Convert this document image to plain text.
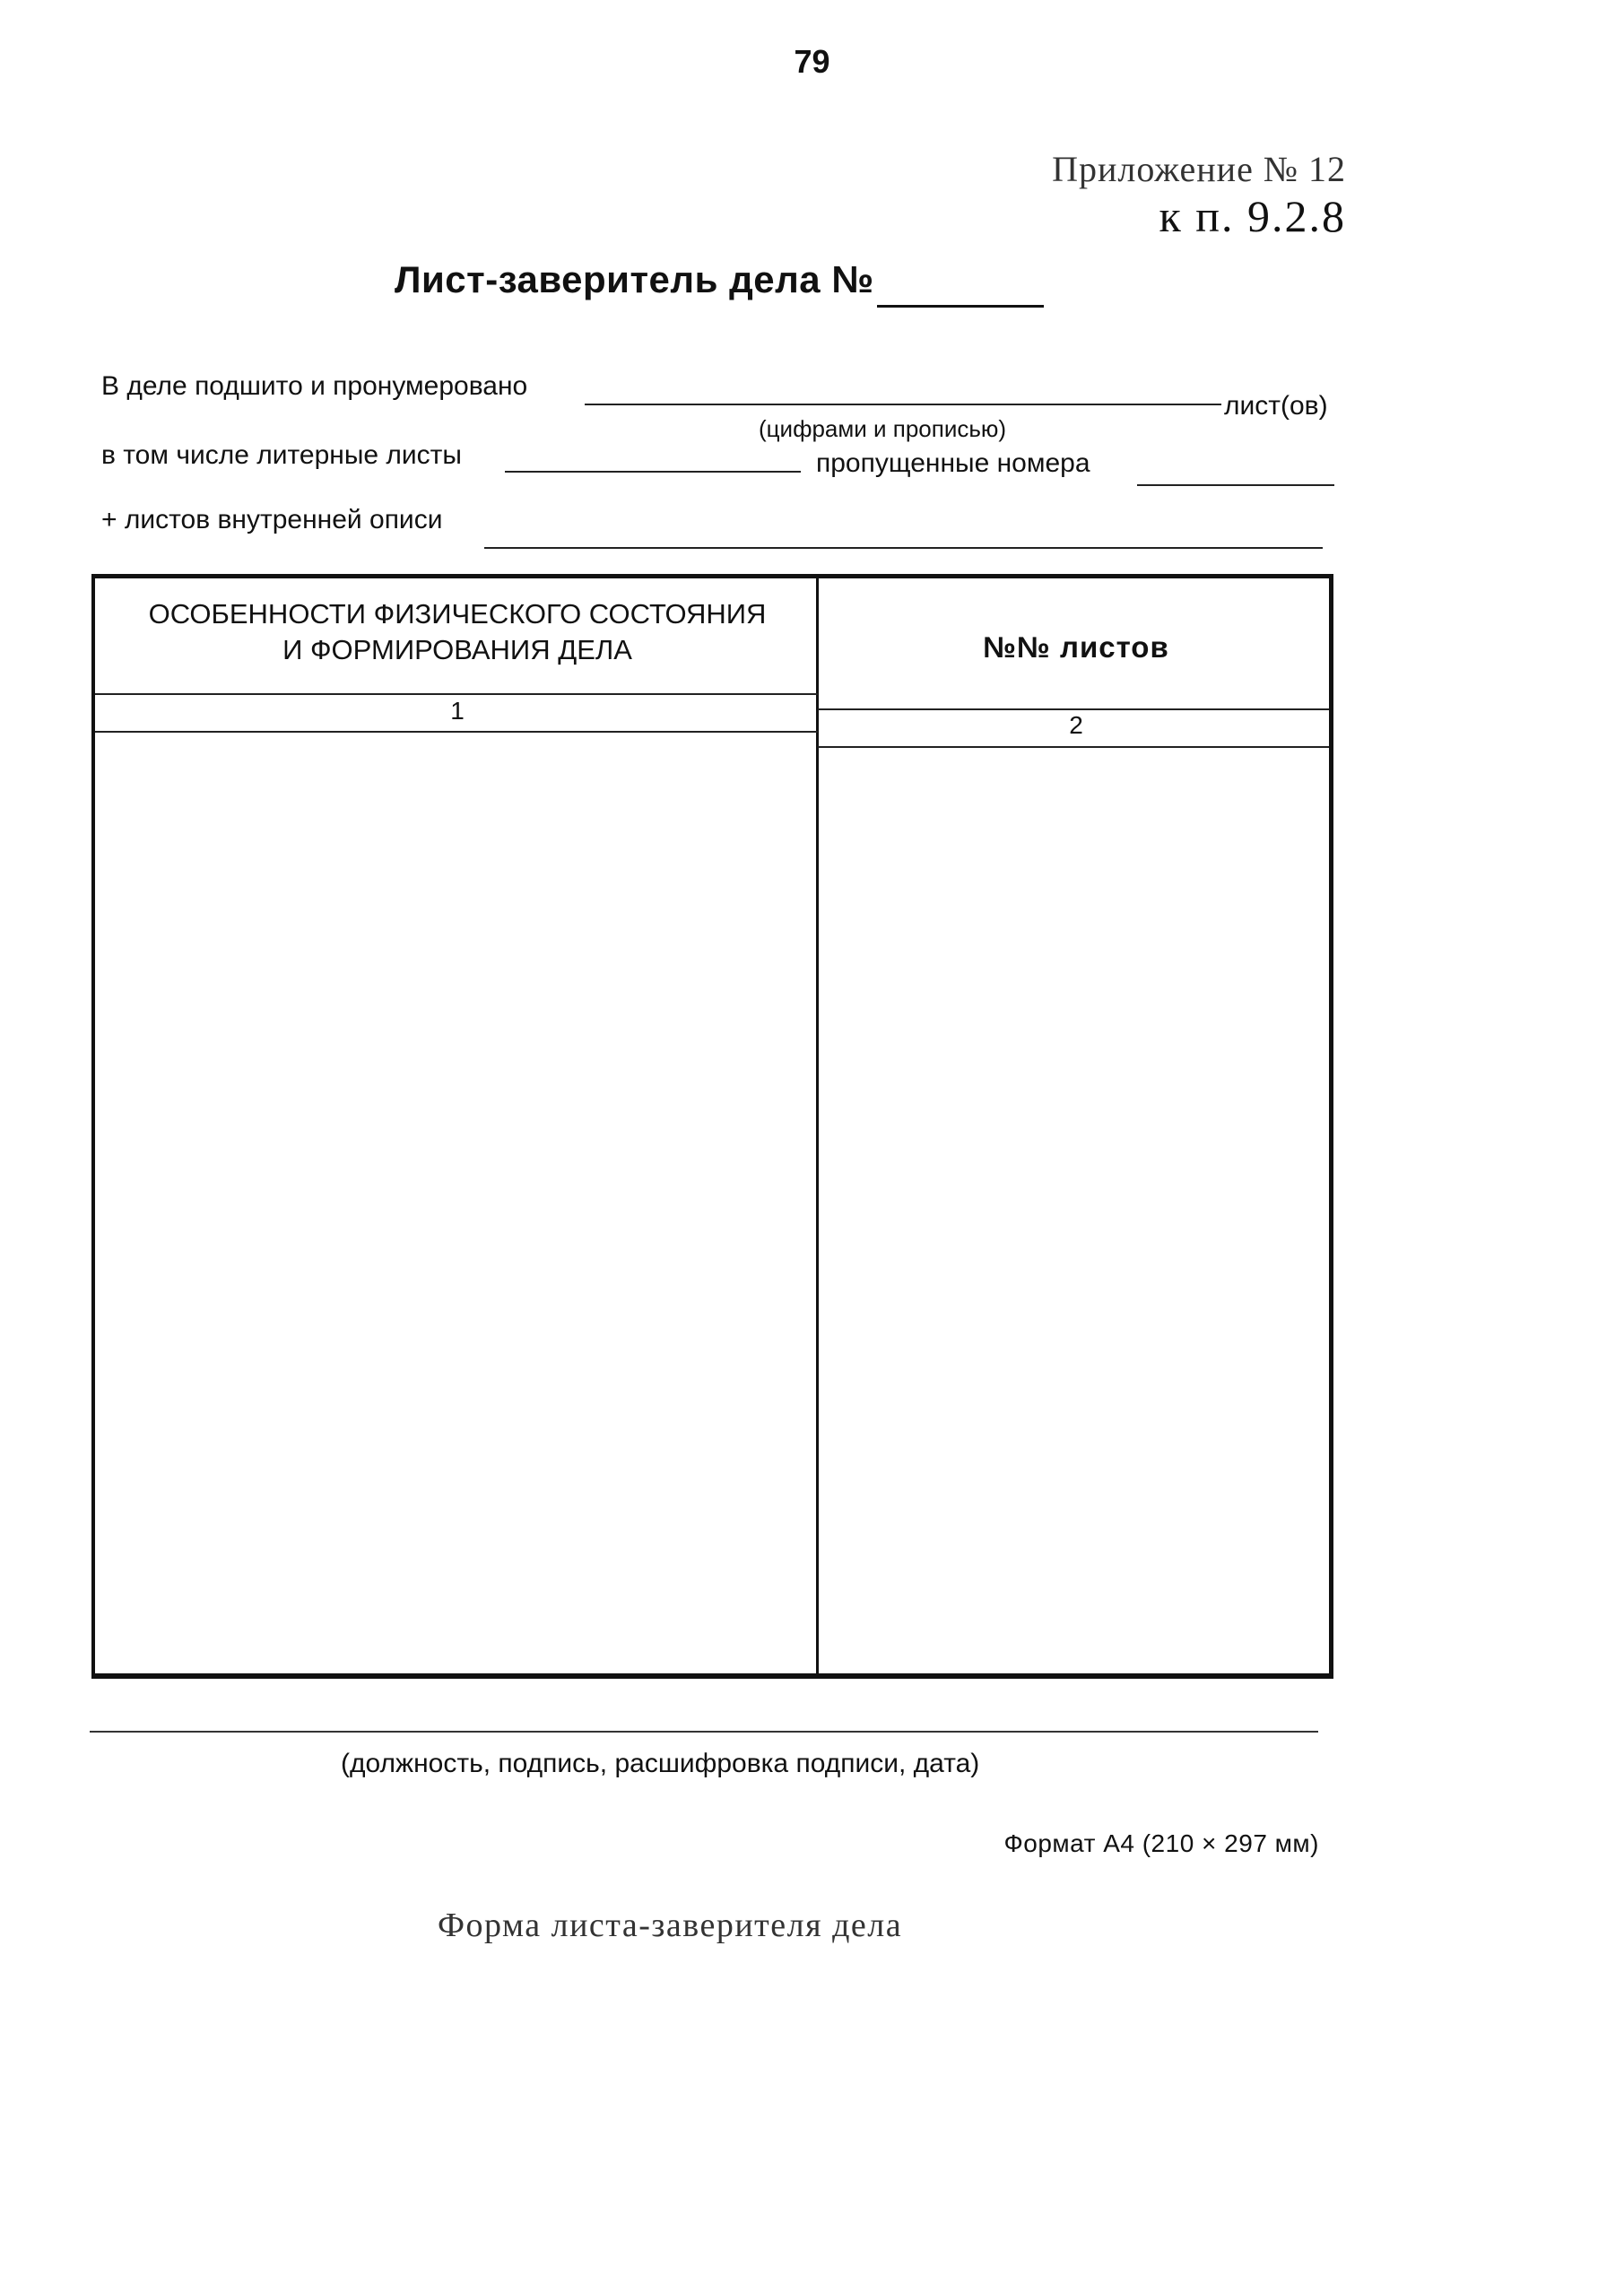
79
Приложение № 12
к п. 9.2.8
Лист-заверитель дела №
В деле подшито и пронумеровано
лист(ов)
(цифрами и прописью)
в том числе литерные листы	пропущенные номера
+ листов внутренней описи
ОСОБЕННОСТИ ФИЗИЧЕСКОГО СОСТОЯНИЯ
И ФОРМИРОВАНИЯ ДЕЛА	№№ листов
1
2
(должность, подпись, расшифровка подписи, дата)
Формат А4 (210 × 297 мм)
Форма листа-заверителя дела
